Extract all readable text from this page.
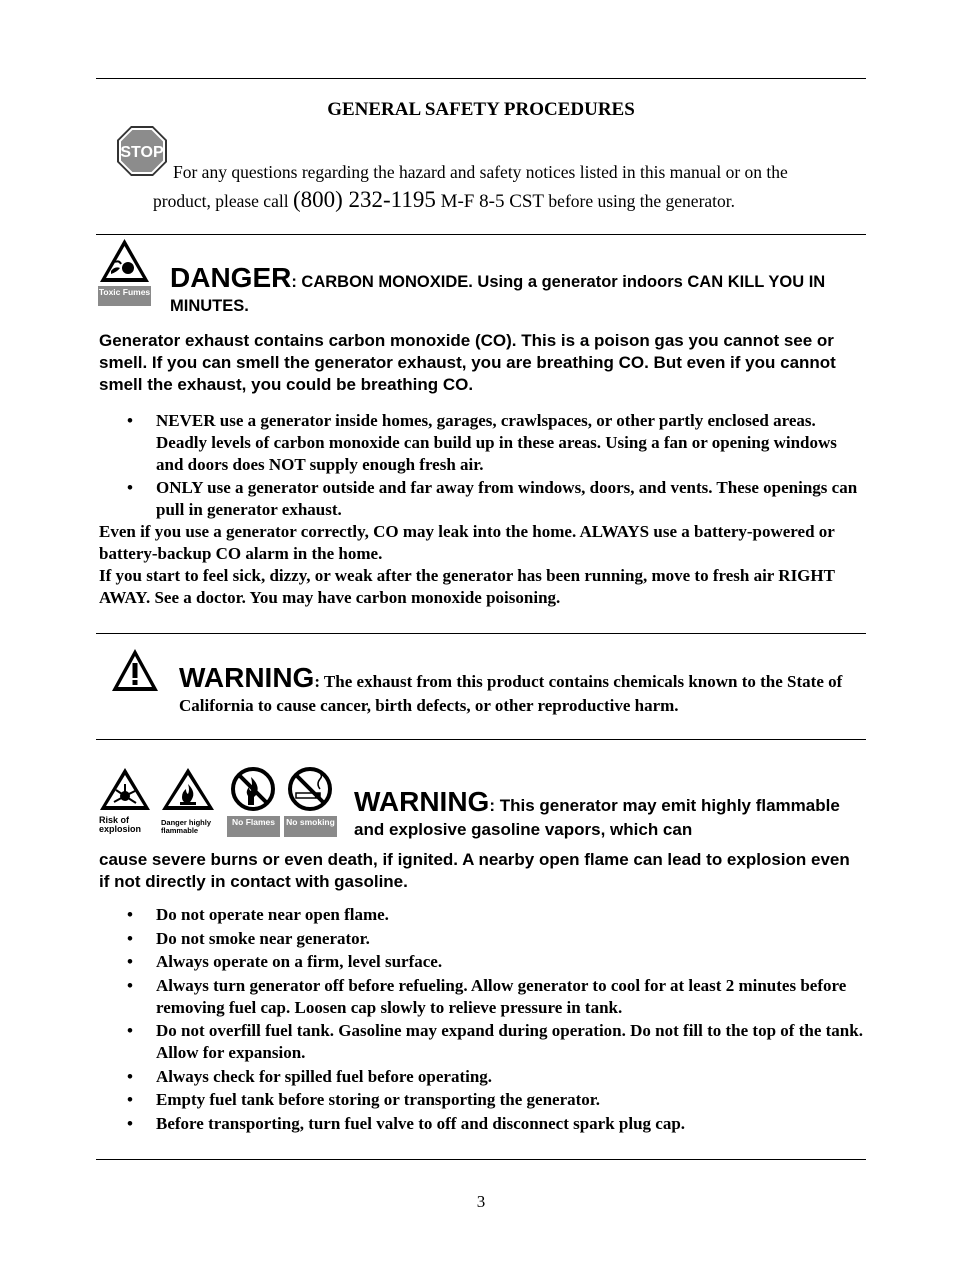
GENERAL SAFETY PROCEDURES
STOP
For any questions regarding the hazard and safety notices listed in this manual or on the
product, please call (800) 232-1195 M-F 8-5 CST before using the generator.
Toxic Fumes DANGER: CARBON MONOXIDE. Using a generator indoors CAN KILL YOU IN MINUTES.
Generator exhaust contains carbon monoxide (CO). This is a poison gas you cannot see or smell. If you can smell the generator exhaust, you are breathing CO. But even if you cannot smell the exhaust, you could be breathing CO.
• NEVER use a generator inside homes, garages, crawlspaces, or other partly enclosed areas. Deadly levels of carbon monoxide can build up in these areas. Using a fan or opening windows and doors does NOT supply enough fresh air.
• ONLY use a generator outside and far away from windows, doors, and vents. These openings can pull in generator exhaust.
Even if you use a generator correctly, CO may leak into the home. ALWAYS use a battery-powered or battery-backup CO alarm in the home.
If you start to feel sick, dizzy, or weak after the generator has been running, move to fresh air RIGHT AWAY. See a doctor. You may have carbon monoxide poisoning.
WARNING: The exhaust from this product contains chemicals known to the State of California to cause cancer, birth defects, or other reproductive harm.
Risk of explosion
Danger highly flammable
No Flames	No smoking
WARNING: This generator may emit highly flammable and explosive gasoline vapors, which can
cause severe burns or even death, if ignited. A nearby open flame can lead to explosion even if not directly in contact with gasoline.
• Do not operate near open flame.
• Do not smoke near generator.
• Always operate on a firm, level surface.
• Always turn generator off before refueling. Allow generator to cool for at least 2 minutes before removing fuel cap. Loosen cap slowly to relieve pressure in tank.
• Do not overfill fuel tank. Gasoline may expand during operation. Do not fill to the top of the tank. Allow for expansion.
• Always check for spilled fuel before operating.
• Empty fuel tank before storing or transporting the generator.
• Before transporting, turn fuel valve to off and disconnect spark plug cap.
3
